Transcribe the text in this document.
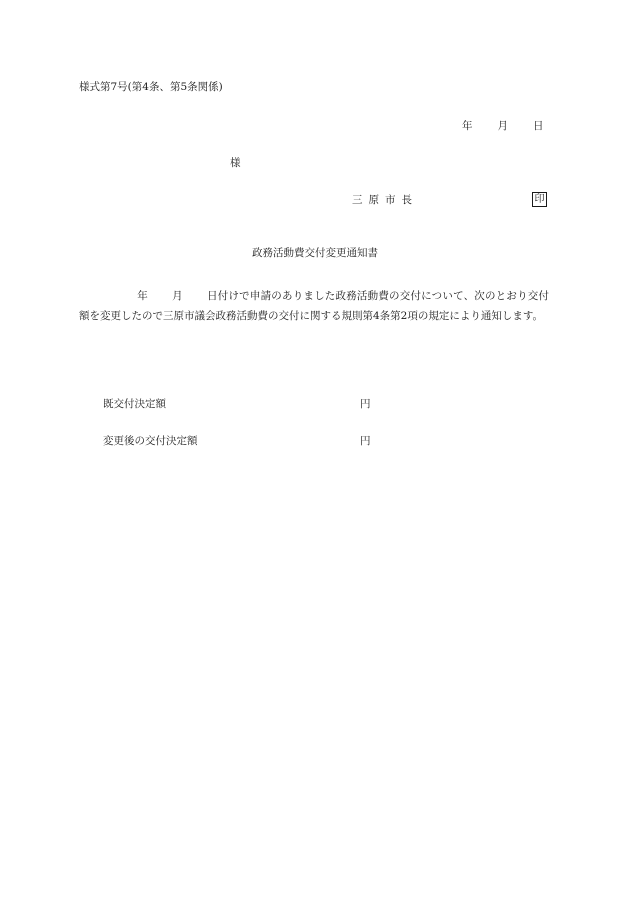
様式第7号(第4条、第5条関係)
年 月 日
様
三原市長	印
政務活動費交付変更通知書
年 月 日付けで申請のありました政務活動費の交付について、次のとおり交付額を変更したので三原市議会政務活動費の交付に関する規則第4条第2項の規定により通知します。
既交付決定額	円
変更後の交付決定額	円
